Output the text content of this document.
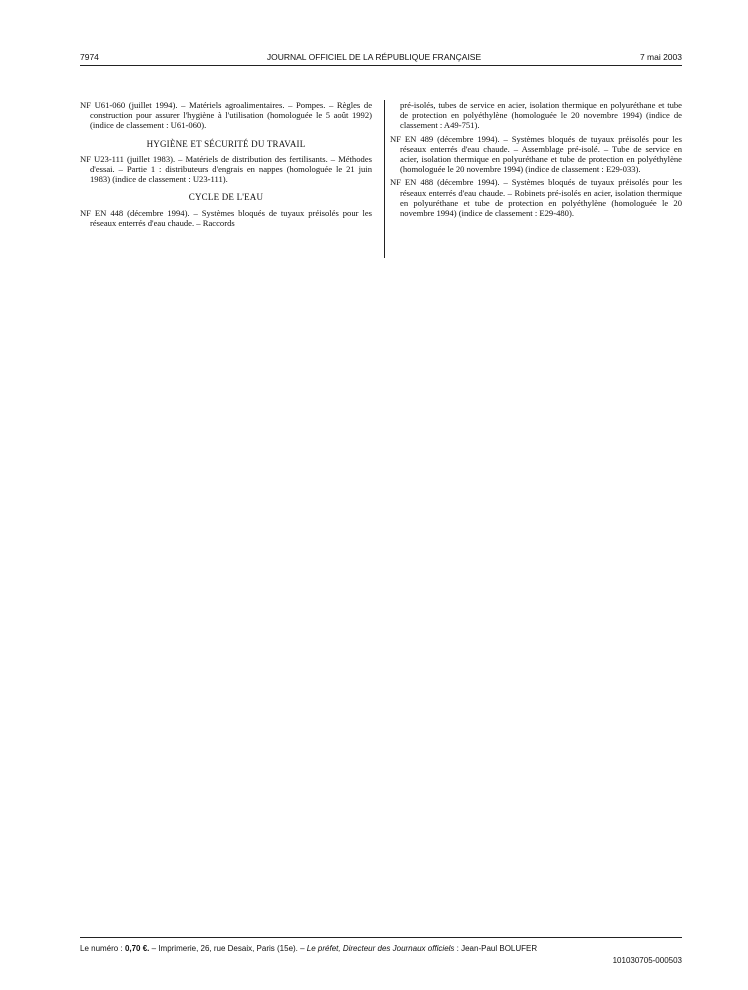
7974	JOURNAL OFFICIEL DE LA RÉPUBLIQUE FRANÇAISE	7 mai 2003
NF U61-060 (juillet 1994). – Matériels agroalimentaires. – Pompes. – Règles de construction pour assurer l'hygiène à l'utilisation (homologuée le 5 août 1992) (indice de classement : U61-060).
HYGIÈNE ET SÉCURITÉ DU TRAVAIL
NF U23-111 (juillet 1983). – Matériels de distribution des fertilisants. – Méthodes d'essai. – Partie 1 : distributeurs d'engrais en nappes (homologuée le 21 juin 1983) (indice de classement : U23-111).
CYCLE DE L'EAU
NF EN 448 (décembre 1994). – Systèmes bloqués de tuyaux préisolés pour les réseaux enterrés d'eau chaude. – Raccords
pré-isolés, tubes de service en acier, isolation thermique en polyuréthane et tube de protection en polyéthylène (homologuée le 20 novembre 1994) (indice de classement : A49-751).
NF EN 489 (décembre 1994). – Systèmes bloqués de tuyaux préisolés pour les réseaux enterrés d'eau chaude. – Assemblage pré-isolé. – Tube de service en acier, isolation thermique en polyuréthane et tube de protection en polyéthylène (homologuée le 20 novembre 1994) (indice de classement : E29-033).
NF EN 488 (décembre 1994). – Systèmes bloqués de tuyaux préisolés pour les réseaux enterrés d'eau chaude. – Robinets pré-isolés en acier, isolation thermique en polyuréthane et tube de protection en polyéthylène (homologuée le 20 novembre 1994) (indice de classement : E29-480).
Le numéro : 0,70 €. – Imprimerie, 26, rue Desaix, Paris (15e). – Le préfet, Directeur des Journaux officiels : Jean-Paul BOLUFER
101030705-000503
